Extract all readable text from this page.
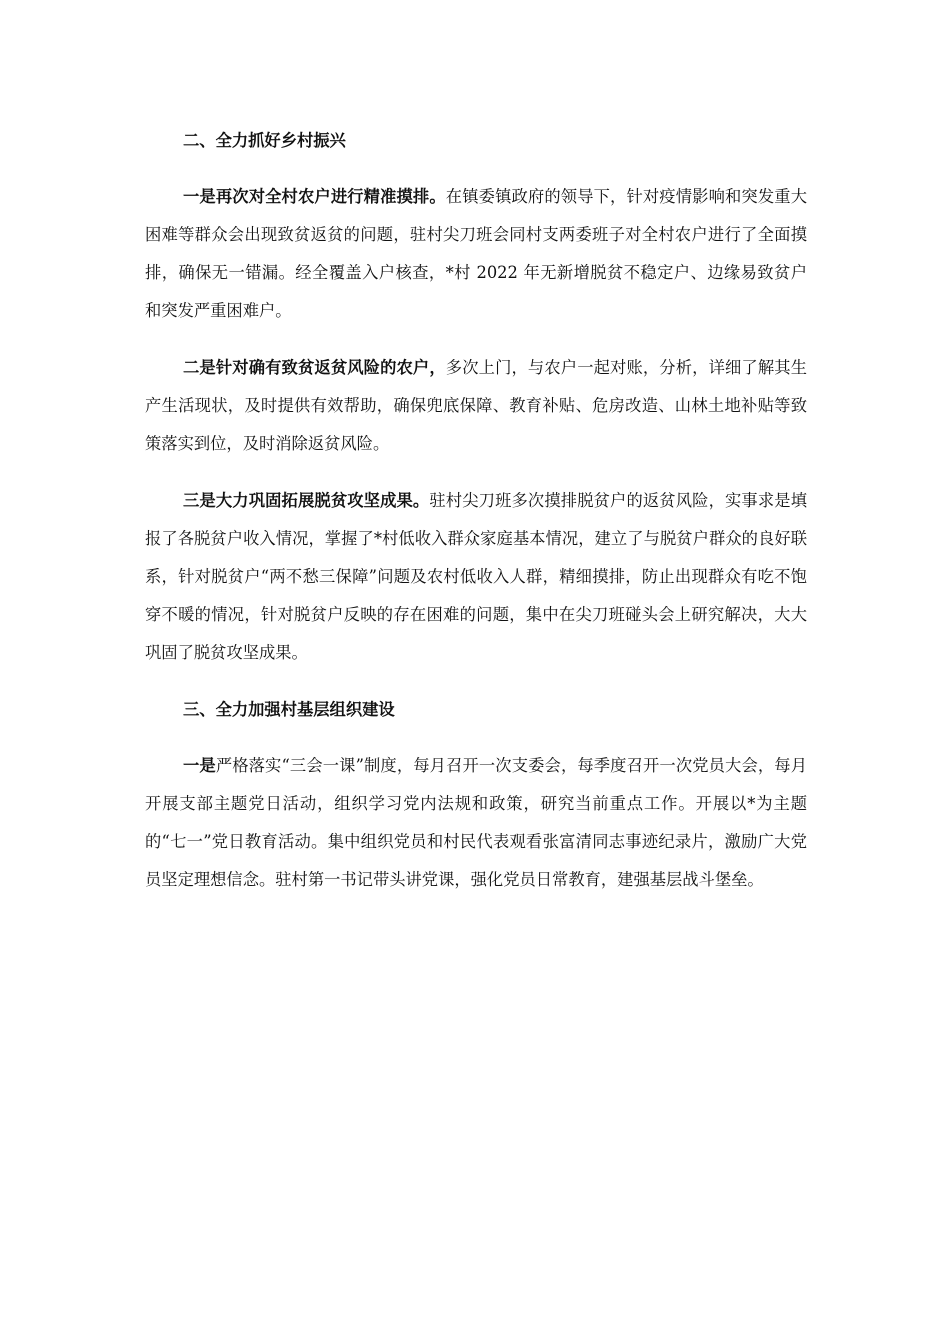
二、全力抓好乡村振兴

一是再次对全村农户进行精准摸排。在镇委镇政府的领导下，针对疫情影响和突发重大困难等群众会出现致贫返贫的问题，驻村尖刀班会同村支两委班子对全村农户进行了全面摸排，确保无一错漏。经全覆盖入户核查，*村 2022 年无新增脱贫不稳定户、边缘易致贫户和突发严重困难户。

二是针对确有致贫返贫风险的农户，多次上门，与农户一起对账，分析，详细了解其生产生活现状，及时提供有效帮助，确保兜底保障、教育补贴、危房改造、山林土地补贴等致策落实到位，及时消除返贫风险。

三是大力巩固拓展脱贫攻坚成果。驻村尖刀班多次摸排脱贫户的返贫风险，实事求是填报了各脱贫户收入情况，掌握了*村低收入群众家庭基本情况，建立了与脱贫户群众的良好联系，针对脱贫户“两不愁三保障”问题及农村低收入人群，精细摸排，防止出现群众有吃不饱穿不暖的情况，针对脱贫户反映的存在困难的问题，集中在尖刀班碰头会上研究解决，大大巩固了脱贫攻坚成果。

三、全力加强村基层组织建设

一是严格落实“三会一课”制度，每月召开一次支委会，每季度召开一次党员大会，每月开展支部主题党日活动，组织学习党内法规和政策，研究当前重点工作。开展以*为主题的“七一”党日教育活动。集中组织党员和村民代表观看张富清同志事迹纪录片，激励广大党员坚定理想信念。驻村第一书记带头讲党课，强化党员日常教育，建强基层战斗堡垒。
